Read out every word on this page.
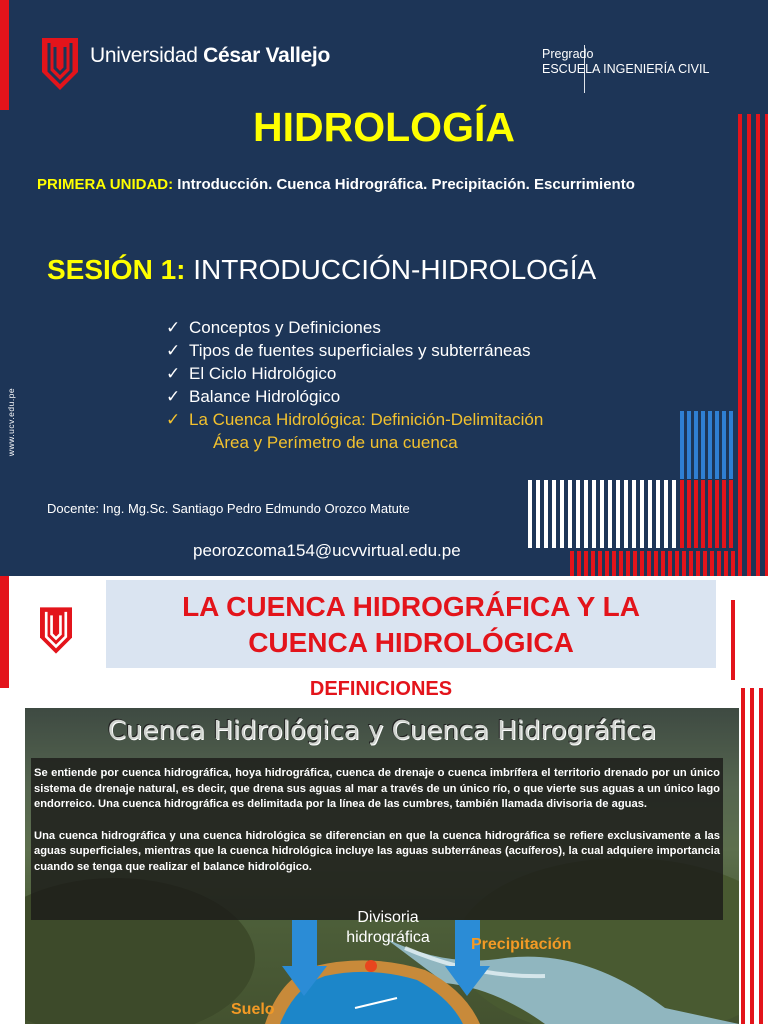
Universidad César Vallejo	Pregrado
ESCUELA INGENIERÍA CIVIL
HIDROLOGÍA
PRIMERA UNIDAD: Introducción. Cuenca Hidrográfica. Precipitación. Escurrimiento
SESIÓN 1: INTRODUCCIÓN-HIDROLOGÍA
✓ Conceptos y Definiciones
✓ Tipos de fuentes superficiales y subterráneas
✓ El Ciclo Hidrológico
✓ Balance Hidrológico
✓ La Cuenca Hidrológica: Definición-Delimitación
Área y Perímetro de una cuenca
Docente: Ing. Mg.Sc. Santiago Pedro Edmundo Orozco Matute
peorozcoma154@ucvvirtual.edu.pe
www.ucv.edu.pe
LA CUENCA HIDROGRÁFICA Y LA
CUENCA HIDROLÓGICA
DEFINICIONES
Cuenca Hidrológica y Cuenca Hidrográfica

Se entiende por cuenca hidrográfica, hoya hidrográfica, cuenca de drenaje o cuenca imbrífera el territorio drenado por un único sistema de drenaje natural, es decir, que drena sus aguas al mar a través de un único río, o que vierte sus aguas a un único lago endorreico. Una cuenca hidrográfica es delimitada por la línea de las cumbres, también llamada divisoria de aguas.

Una cuenca hidrográfica y una cuenca hidrológica se diferencian en que la cuenca hidrográfica se refiere exclusivamente a las aguas superficiales, mientras que la cuenca hidrológica incluye las aguas subterráneas (acuíferos), la cual adquiere importancia cuando se tenga que realizar el balance hidrológico.

Divisoria
hidrográfica	Precipitación
Suelo
